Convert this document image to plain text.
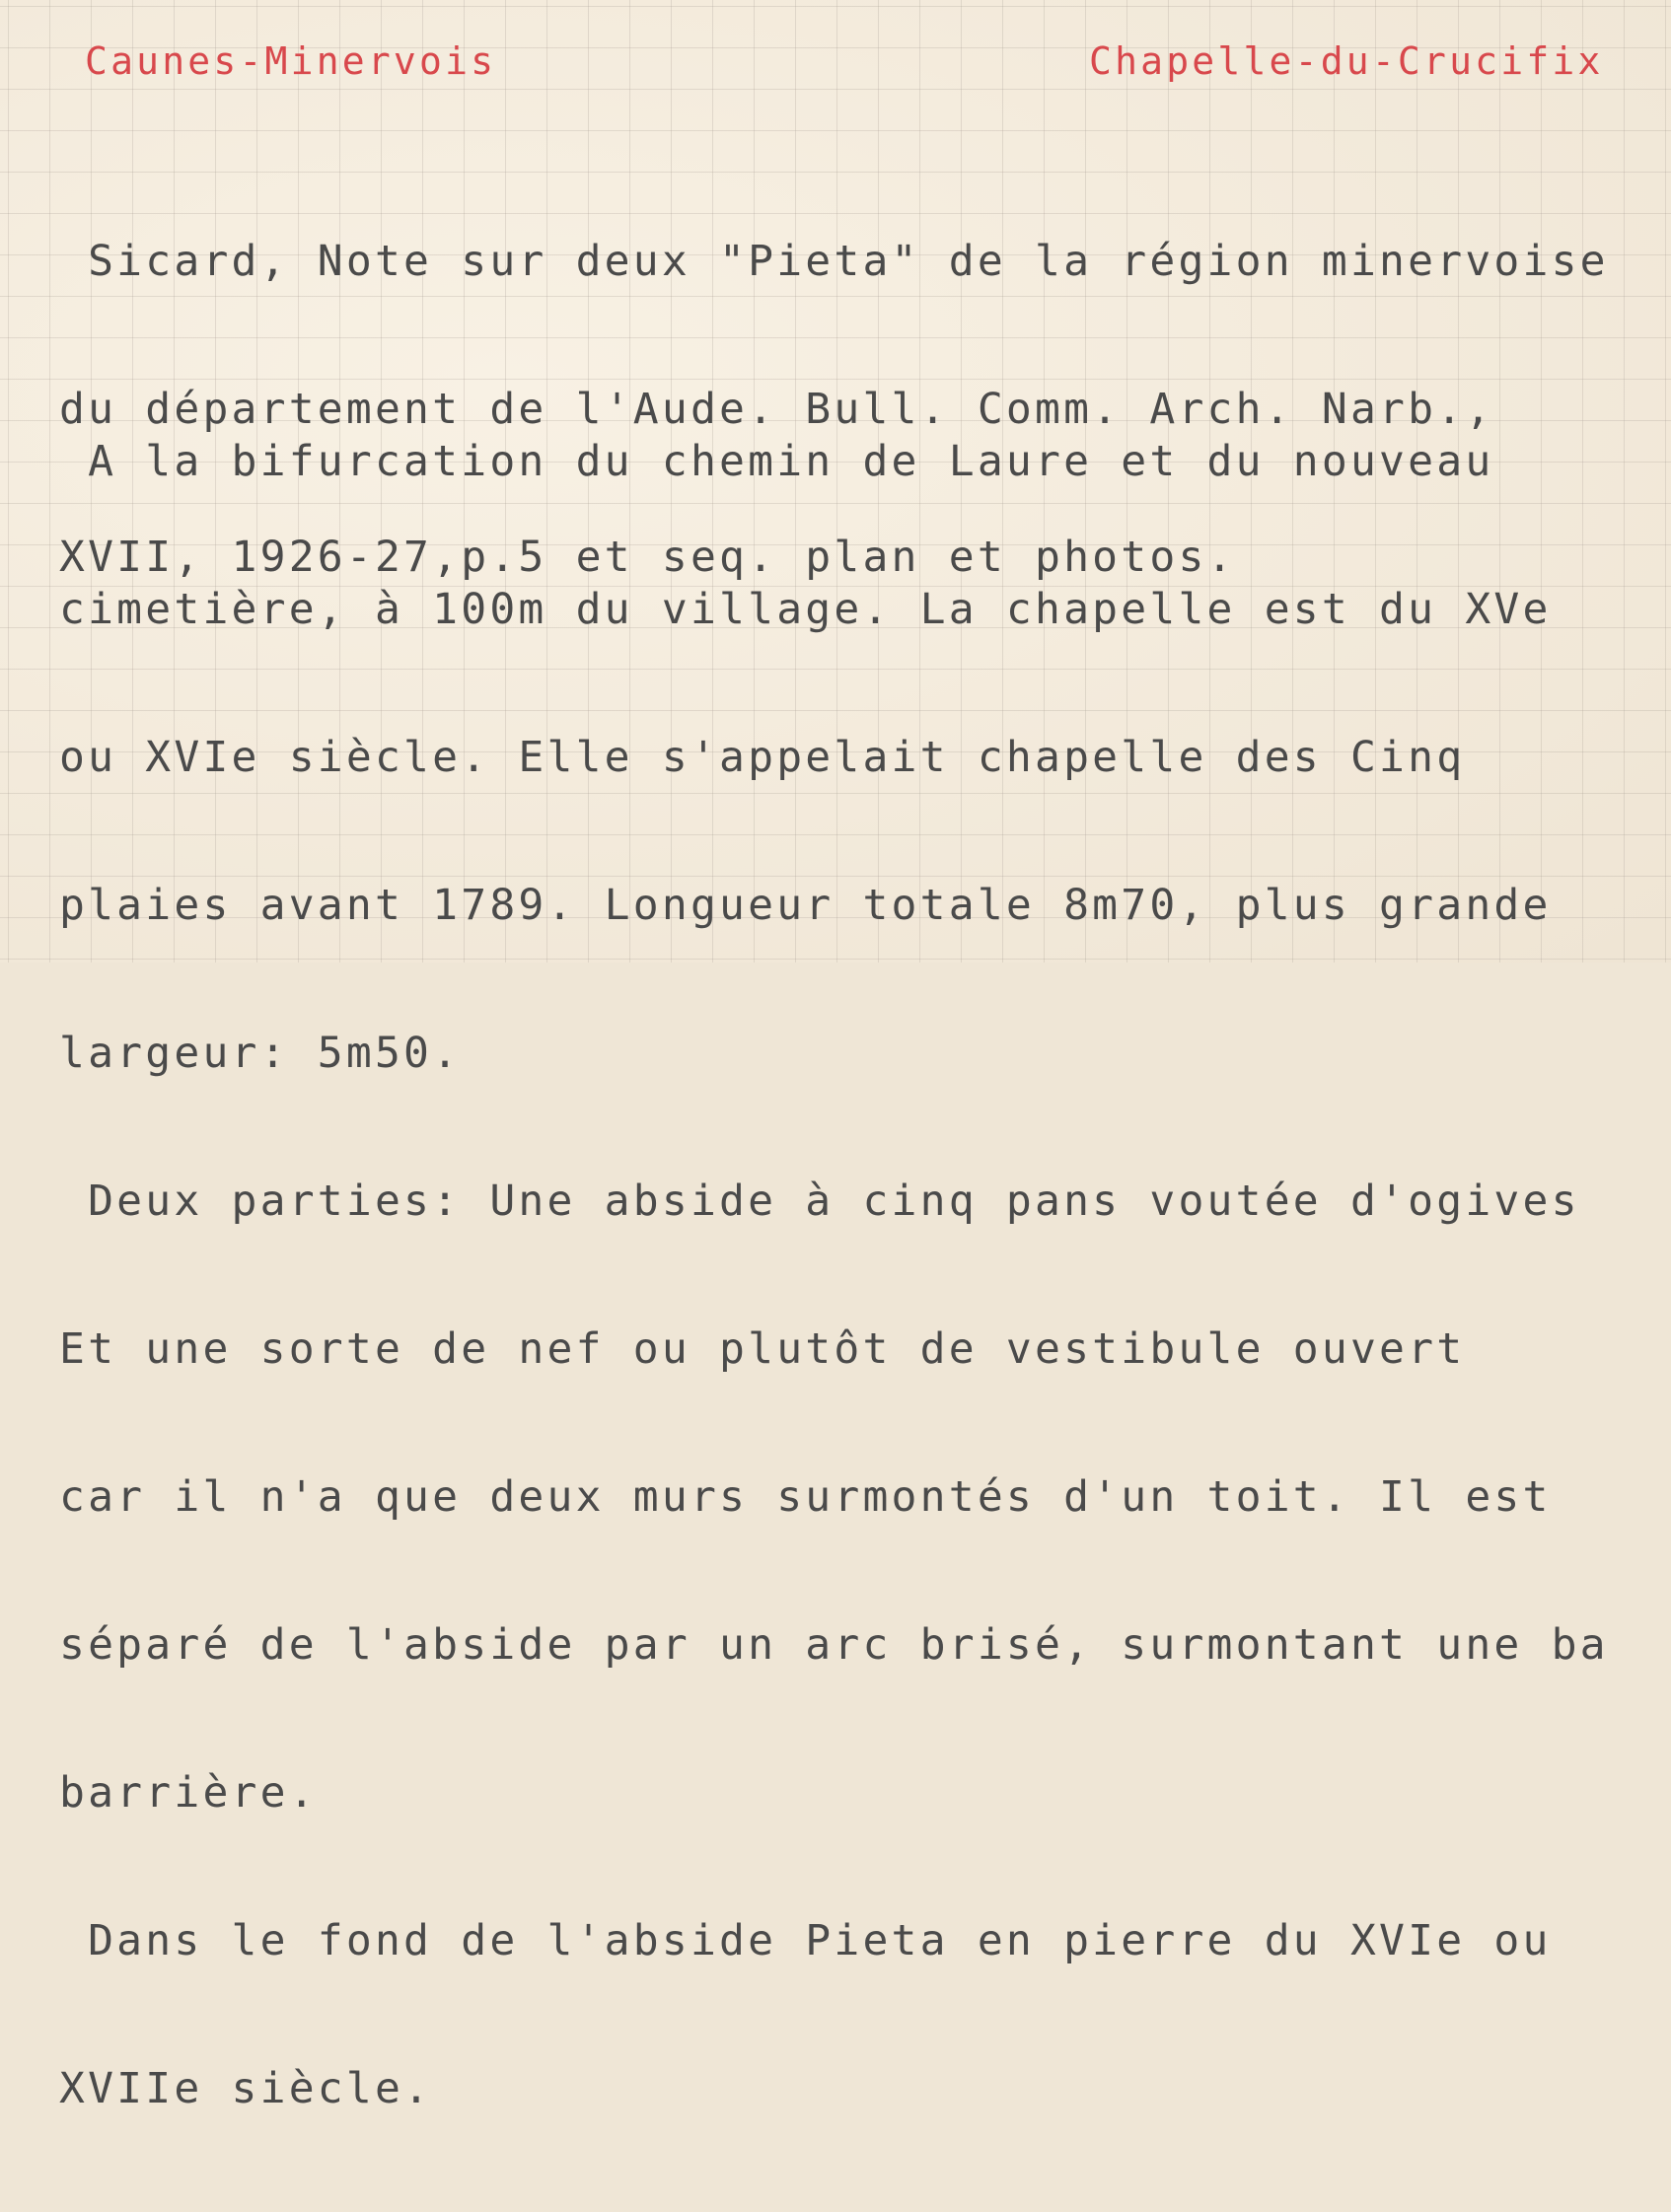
Caunes-Minervois	Chapelle-du-Crucifix

Sicard, Note sur deux "Pieta" de la région minervoise

du département de l'Aude. Bull. Comm. Arch. Narb.,

XVII, 1926-27,p.5 et seq. plan et photos.

A la bifurcation du chemin de Laure et du nouveau

cimetière, à 100m du village. La chapelle est du XVe

ou XVIe siècle. Elle s'appelait chapelle des Cinq

plaies avant 1789. Longueur totale 8m70, plus grande

largeur: 5m50.

Deux parties: Une abside à cinq pans voutée d'ogives

Et une sorte de nef ou plutôt de vestibule ouvert

car il n'a que deux murs surmontés d'un toit. Il est

séparé de l'abside par un arc brisé, surmontant une ba

barrière.

Dans le fond de l'abside Pieta en pierre du XVIe ou

XVIIe siècle.
